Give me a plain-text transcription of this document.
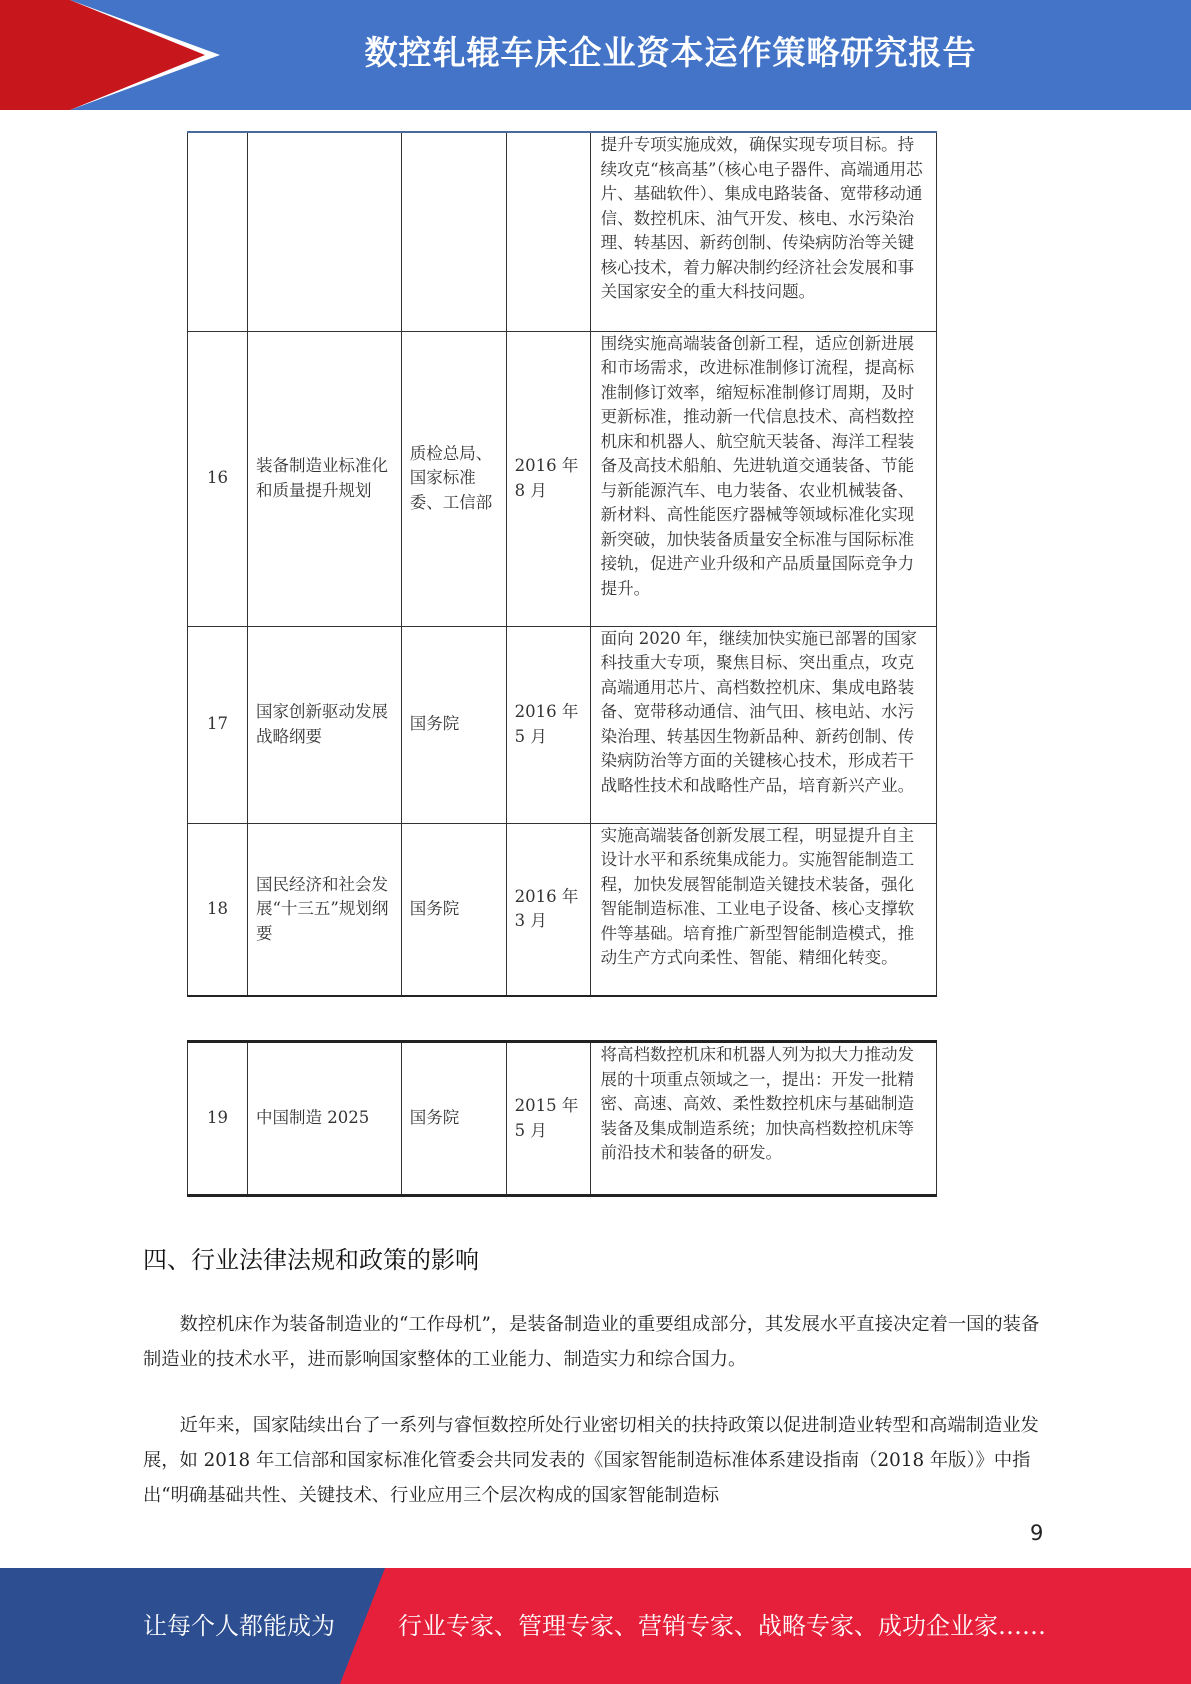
数控轧辊车床企业资本运作策略研究报告
				提升专项实施成效，确保实现专项目标。持续攻克“核高基”（核心电子器件、高端通用芯片、基础软件）、集成电路装备、宽带移动通信、数控机床、油气开发、核电、水污染治理、转基因、新药创制、传染病防治等关键核心技术，着力解决制约经济社会发展和事关国家安全的重大科技问题。
16	装备制造业标准化和质量提升规划	质检总局、国家标准委、工信部	2016 年 8 月	围绕实施高端装备创新工程，适应创新进展和市场需求，改进标准制修订流程，提高标准制修订效率，缩短标准制修订周期，及时更新标准，推动新一代信息技术、高档数控机床和机器人、航空航天装备、海洋工程装备及高技术船舶、先进轨道交通装备、节能与新能源汽车、电力装备、农业机械装备、新材料、高性能医疗器械等领域标准化实现新突破，加快装备质量安全标准与国际标准接轨，促进产业升级和产品质量国际竞争力提升。
17	国家创新驱动发展战略纲要	国务院	2016 年 5 月	面向 2020 年，继续加快实施已部署的国家科技重大专项，聚焦目标、突出重点，攻克高端通用芯片、高档数控机床、集成电路装备、宽带移动通信、油气田、核电站、水污染治理、转基因生物新品种、新药创制、传染病防治等方面的关键核心技术，形成若干战略性技术和战略性产品，培育新兴产业。
18	国民经济和社会发展“十三五”规划纲要	国务院	2016 年 3 月	实施高端装备创新发展工程，明显提升自主设计水平和系统集成能力。实施智能制造工程，加快发展智能制造关键技术装备，强化智能制造标准、工业电子设备、核心支撑软件等基础。培育推广新型智能制造模式，推动生产方式向柔性、智能、精细化转变。
19	中国制造 2025	国务院	2015 年 5 月	将高档数控机床和机器人列为拟大力推动发展的十项重点领域之一，提出：开发一批精密、高速、高效、柔性数控机床与基础制造装备及集成制造系统；加快高档数控机床等前沿技术和装备的研发。
四、行业法律法规和政策的影响

数控机床作为装备制造业的“工作母机”，是装备制造业的重要组成部分，其发展水平直接决定着一国的装备制造业的技术水平，进而影响国家整体的工业能力、制造实力和综合国力。

近年来，国家陆续出台了一系列与睿恒数控所处行业密切相关的扶持政策以促进制造业转型和高端制造业发展，如 2018 年工信部和国家标准化管委会共同发表的《国家智能制造标准体系建设指南（2018 年版）》中指出“明确基础共性、关键技术、行业应用三个层次构成的国家智能制造标

9
让每个人都能成为	行业专家、管理专家、营销专家、战略专家、成功企业家……
